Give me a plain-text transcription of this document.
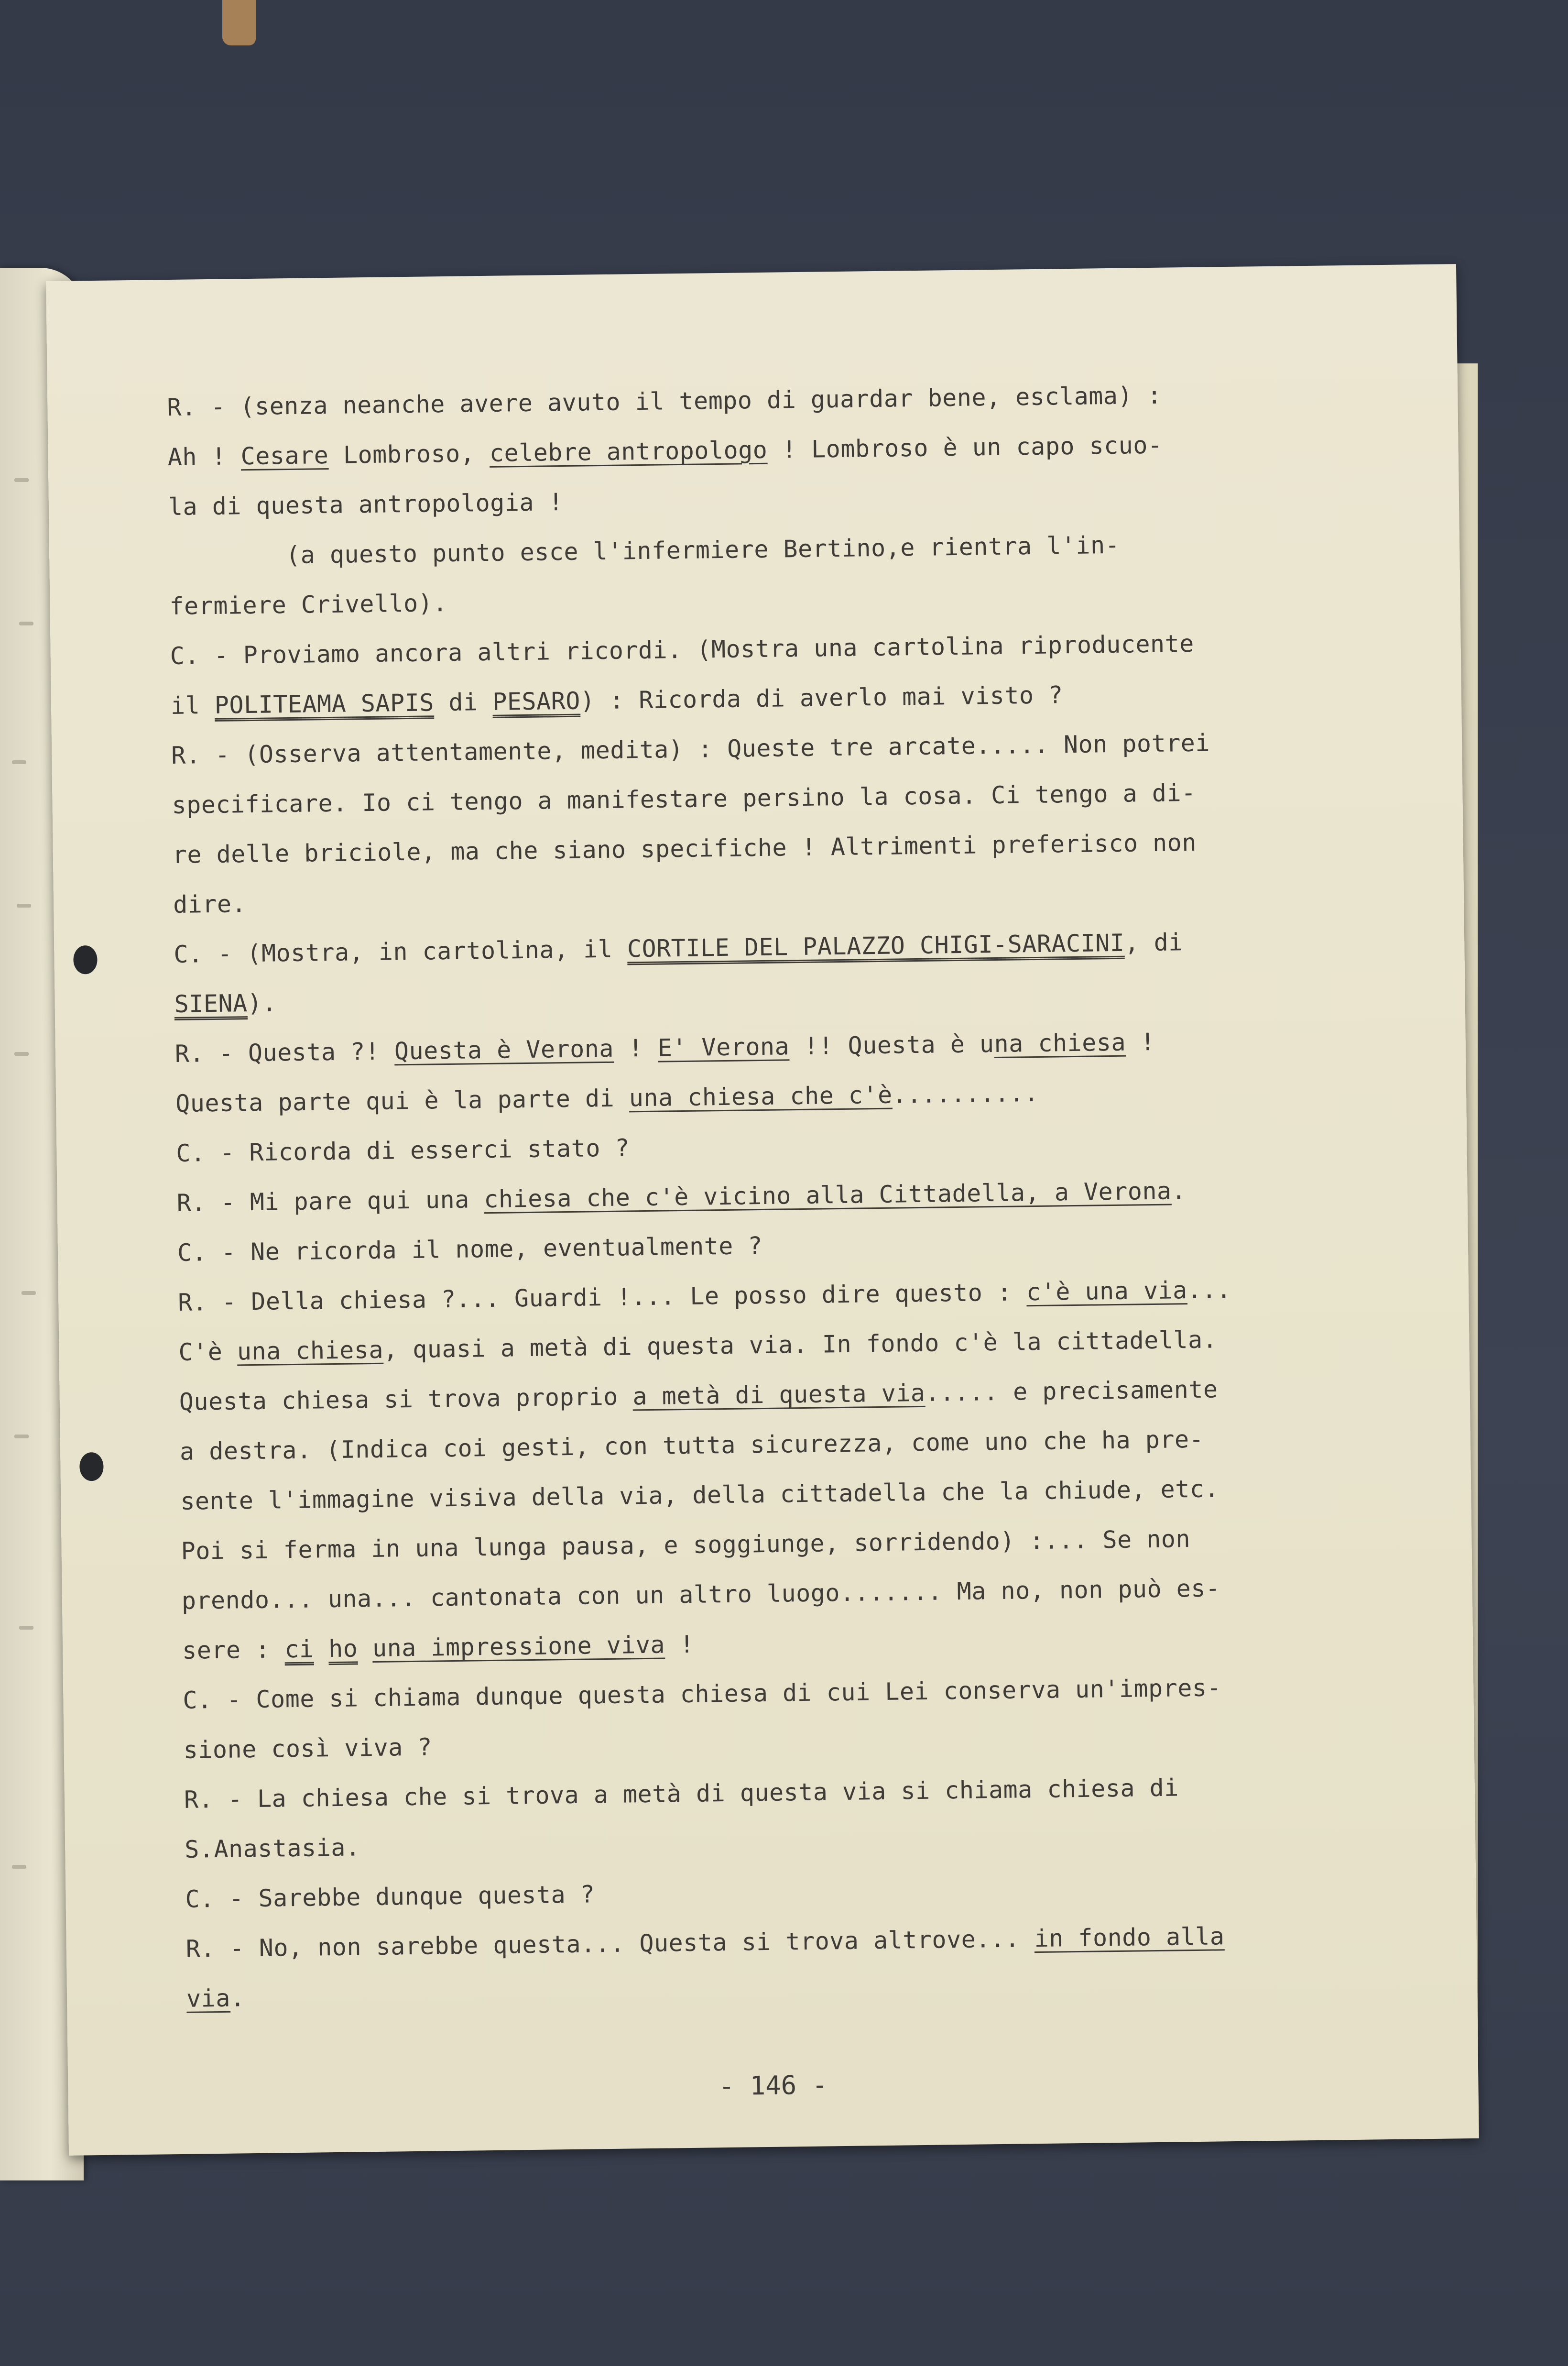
R. - (senza neanche avere avuto il tempo di guardar bene, esclama) :
Ah ! Cesare Lombroso, celebre antropologo ! Lombroso è un capo scuo-
la di questa antropologia !
(a questo punto esce l'infermiere Bertino,e rientra l'in-
fermiere Crivello).
C. - Proviamo ancora altri ricordi. (Mostra una cartolina riproducente
il POLITEAMA SAPIS di PESARO) : Ricorda di averlo mai visto ?
R. - (Osserva attentamente, medita) : Queste tre arcate..... Non potrei
specificare. Io ci tengo a manifestare persino la cosa. Ci tengo a di-
re delle briciole, ma che siano specifiche ! Altrimenti preferisco non
dire.
C. - (Mostra, in cartolina, il CORTILE DEL PALAZZO CHIGI-SARACINI, di
SIENA).
R. - Questa ?! Questa è Verona ! E' Verona !! Questa è una chiesa !
Questa parte qui è la parte di una chiesa che c'è..........
C. - Ricorda di esserci stato ?
R. - Mi pare qui una chiesa che c'è vicino alla Cittadella, a Verona.
C. - Ne ricorda il nome, eventualmente ?
R. - Della chiesa ?... Guardi !... Le posso dire questo : c'è una via...
C'è una chiesa, quasi a metà di questa via. In fondo c'è la cittadella.
Questa chiesa si trova proprio a metà di questa via..... e precisamente
a destra. (Indica coi gesti, con tutta sicurezza, come uno che ha pre-
sente l'immagine visiva della via, della cittadella che la chiude, etc.
Poi si ferma in una lunga pausa, e soggiunge, sorridendo) :... Se non
prendo... una... cantonata con un altro luogo....... Ma no, non può es-
sere : ci ho una impressione viva !
C. - Come si chiama dunque questa chiesa di cui Lei conserva un'impres-
sione così viva ?
R. - La chiesa che si trova a metà di questa via si chiama chiesa di
S.Anastasia.
C. - Sarebbe dunque questa ?
R. - No, non sarebbe questa... Questa si trova altrove... in fondo alla
via.
- 146 -
